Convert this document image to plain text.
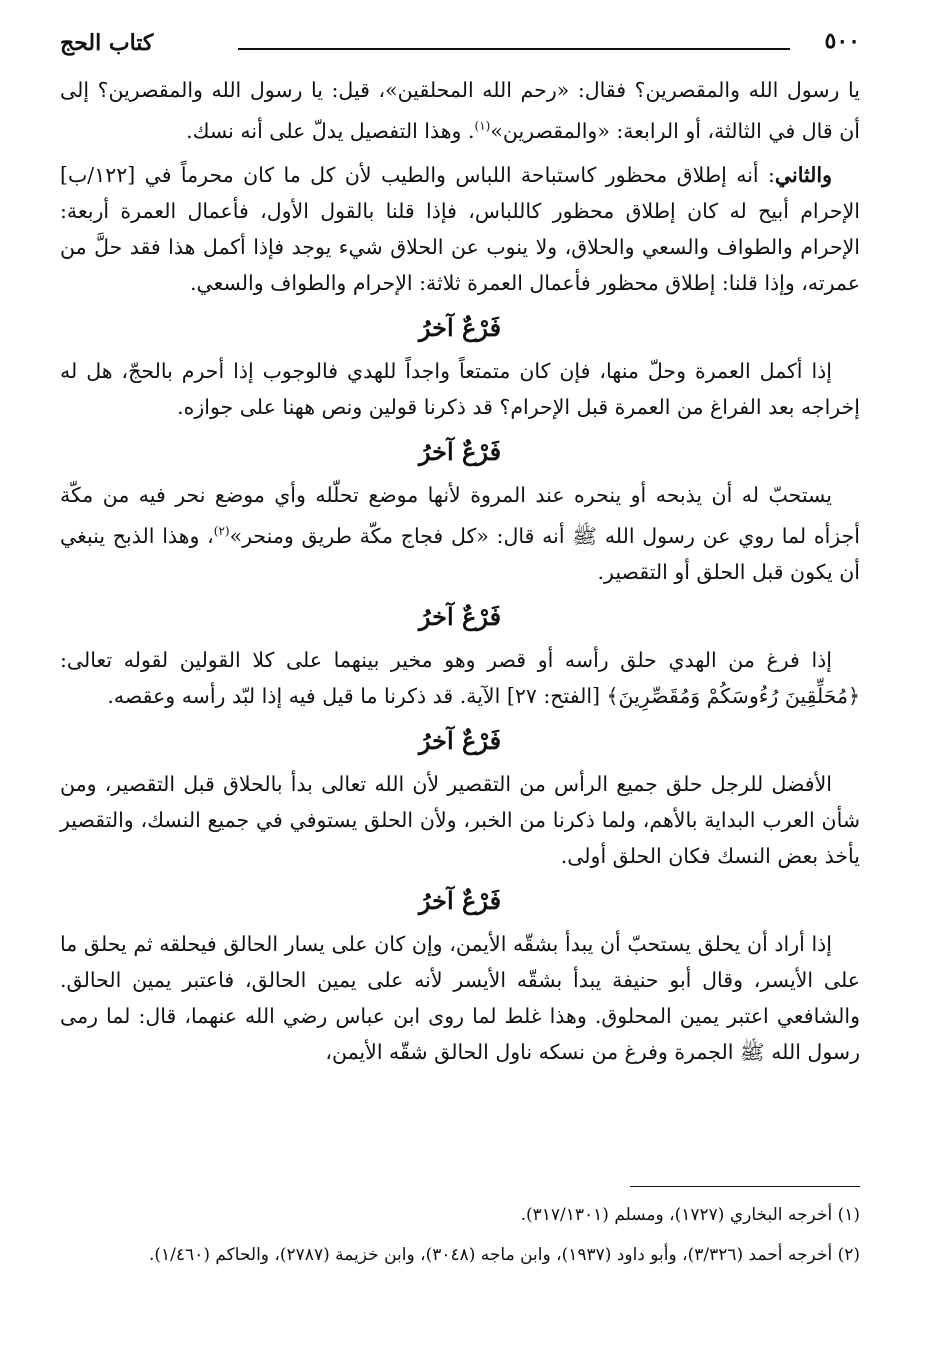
٥٠٠
كتاب الحج

يا رسول الله والمقصرين؟ فقال: «رحم الله المحلقين»، قيل: يا رسول الله والمقصرين؟ إلى أن قال في الثالثة، أو الرابعة: «والمقصرين»$^{(١)}$. وهذا التفصيل يدلّ على أنه نسك.

والثاني: أنه إطلاق محظور كاستباحة اللباس والطيب لأن كل ما كان محرماً في [١٢٢/ب] الإحرام أبيح له كان إطلاق محظور كاللباس، فإذا قلنا بالقول الأول، فأعمال العمرة أربعة: الإحرام والطواف والسعي والحلاق، ولا ينوب عن الحلاق شيء يوجد فإذا أكمل هذا فقد حلَّ من عمرته، وإذا قلنا: إطلاق محظور فأعمال العمرة ثلاثة: الإحرام والطواف والسعي.

فَرْعٌ آخرُ

إذا أكمل العمرة وحلّ منها، فإن كان متمتعاً واجداً للهدي فالوجوب إذا أحرم بالحجّ، هل له إخراجه بعد الفراغ من العمرة قبل الإحرام؟ قد ذكرنا قولين ونص ههنا على جوازه.

فَرْعٌ آخرُ

يستحبّ له أن يذبحه أو ينحره عند المروة لأنها موضع تحلّله وأي موضع نحر فيه من مكّة أجزأه لما روي عن رسول الله ﷺ أنه قال: «كل فجاج مكّة طريق ومنحر»$^{(٢)}$، وهذا الذبح ينبغي أن يكون قبل الحلق أو التقصير.

فَرْعٌ آخرُ

إذا فرغ من الهدي حلق رأسه أو قصر وهو مخير بينهما على كلا القولين لقوله تعالى: ﴿مُحَلِّقِينَ رُءُوسَكُمْ وَمُقَصِّرِينَ﴾ [الفتح: ٢٧] الآية. قد ذكرنا ما قيل فيه إذا لبّد رأسه وعقصه.

فَرْعٌ آخرُ

الأفضل للرجل حلق جميع الرأس من التقصير لأن الله تعالى بدأ بالحلاق قبل التقصير، ومن شأن العرب البداية بالأهم، ولما ذكرنا من الخبر، ولأن الحلق يستوفي في جميع النسك، والتقصير يأخذ بعض النسك فكان الحلق أولى.

فَرْعٌ آخرُ

إذا أراد أن يحلق يستحبّ أن يبدأ بشقّه الأيمن، وإن كان على يسار الحالق فيحلقه ثم يحلق ما على الأيسر، وقال أبو حنيفة يبدأ بشقّه الأيسر لأنه على يمين الحالق، فاعتبر يمين الحالق. والشافعي اعتبر يمين المحلوق. وهذا غلط لما روى ابن عباس رضي الله عنهما، قال: لما رمى رسول الله ﷺ الجمرة وفرغ من نسكه ناول الحالق شقّه الأيمن،

(١) أخرجه البخاري (١٧٢٧)، ومسلم (٣١٧/١٣٠١).

(٢) أخرجه أحمد (٣/٣٢٦)، وأبو داود (١٩٣٧)، وابن ماجه (٣٠٤٨)، وابن خزيمة (٢٧٨٧)، والحاكم (١/٤٦٠).
